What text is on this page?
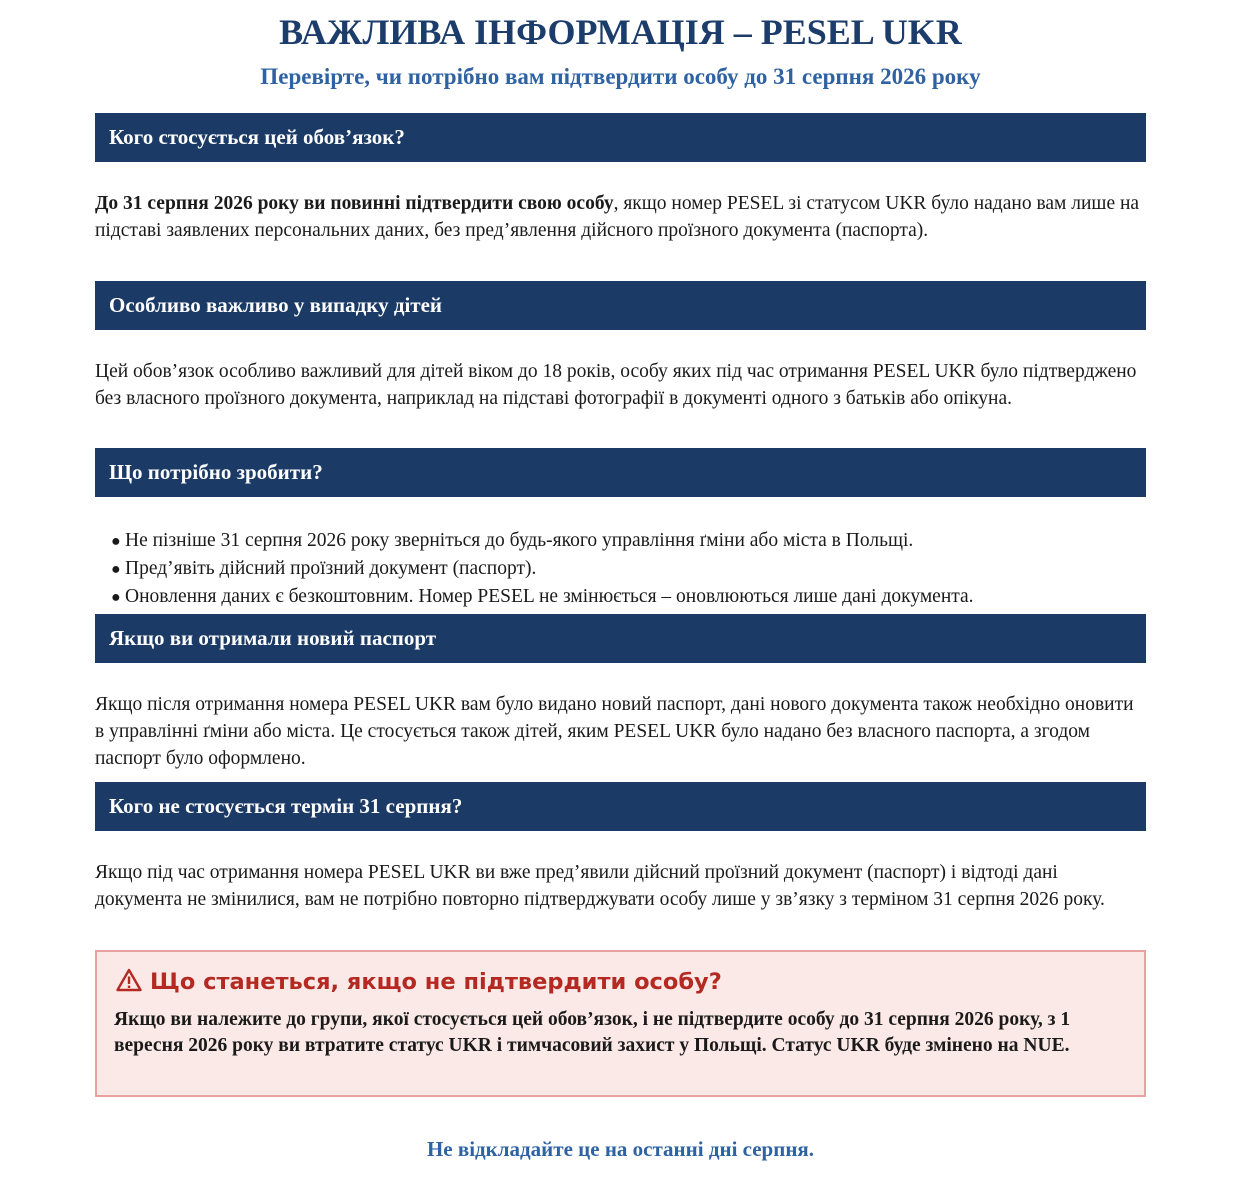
ВАЖЛИВА ІНФОРМАЦІЯ – PESEL UKR
Перевірте, чи потрібно вам підтвердити особу до 31 серпня 2026 року
Кого стосується цей обов’язок?

До 31 серпня 2026 року ви повинні підтвердити свою особу, якщо номер PESEL зі статусом UKR було надано вам лише на підставі заявлених персональних даних, без пред’явлення дійсного проїзного документа (паспорта).

Особливо важливо у випадку дітей

Цей обов’язок особливо важливий для дітей віком до 18 років, особу яких під час отримання PESEL UKR було підтверджено без власного проїзного документа, наприклад на підставі фотографії в документі одного з батьків або опікуна.

Що потрібно зробити?
● Не пізніше 31 серпня 2026 року зверніться до будь-якого управління ґміни або міста в Польщі.
● Пред’явіть дійсний проїзний документ (паспорт).
● Оновлення даних є безкоштовним. Номер PESEL не змінюється – оновлюються лише дані документа.
Якщо ви отримали новий паспорт

Якщо після отримання номера PESEL UKR вам було видано новий паспорт, дані нового документа також необхідно оновити в управлінні ґміни або міста. Це стосується також дітей, яким PESEL UKR було надано без власного паспорта, а згодом паспорт було оформлено.

Кого не стосується термін 31 серпня?

Якщо під час отримання номера PESEL UKR ви вже пред’явили дійсний проїзний документ (паспорт) і відтоді дані документа не змінилися, вам не потрібно повторно підтверджувати особу лише у зв’язку з терміном 31 серпня 2026 року.

Що станеться, якщо не підтвердити особу?
Якщо ви належите до групи, якої стосується цей обов’язок, і не підтвердите особу до 31 серпня 2026 року, з 1 вересня 2026 року ви втратите статус UKR і тимчасовий захист у Польщі. Статус UKR буде змінено на NUE.
Не відкладайте це на останні дні серпня.
